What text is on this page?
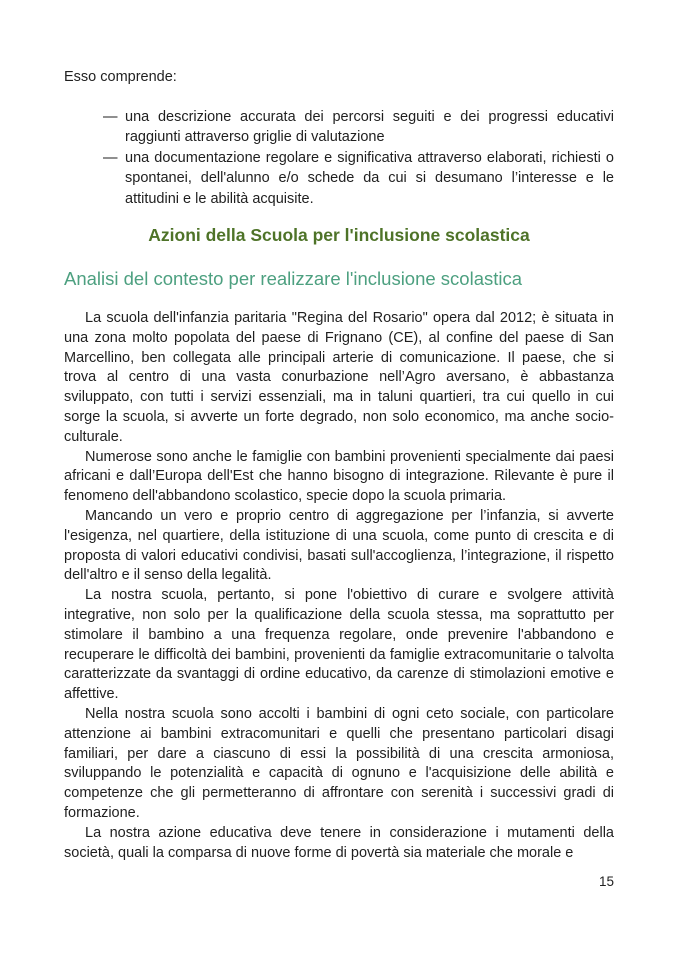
Esso comprende:

— una descrizione accurata dei percorsi seguiti e dei progressi educativi raggiunti attraverso griglie di valutazione
— una documentazione regolare e significativa attraverso elaborati, richiesti o spontanei, dell'alunno e/o schede da cui si desumano l’interesse e le attitudini e le abilità acquisite.
Azioni della Scuola per l'inclusione scolastica
Analisi del contesto per realizzare l'inclusione scolastica

La scuola dell'infanzia paritaria "Regina del Rosario" opera dal 2012; è situata in una zona molto popolata del paese di Frignano (CE), al confine del paese di San Marcellino, ben collegata alle principali arterie di comunicazione. Il paese, che si trova al centro di una vasta conurbazione nell’Agro aversano, è abbastanza sviluppato, con tutti i servizi essenziali, ma in taluni quartieri, tra cui quello in cui sorge la scuola, si avverte un forte degrado, non solo economico, ma anche socio-culturale.

Numerose sono anche le famiglie con bambini provenienti specialmente dai paesi africani e dall’Europa dell'Est che hanno bisogno di integrazione. Rilevante è pure il fenomeno dell'abbandono scolastico, specie dopo la scuola primaria.

Mancando un vero e proprio centro di aggregazione per l’infanzia, si avverte l'esigenza, nel quartiere, della istituzione di una scuola, come punto di crescita e di proposta di valori educativi condivisi, basati sull'accoglienza, l’integrazione, il rispetto dell'altro e il senso della legalità.

La nostra scuola, pertanto, si pone l'obiettivo di curare e svolgere attività integrative, non solo per la qualificazione della scuola stessa, ma soprattutto per stimolare il bambino a una frequenza regolare, onde prevenire l'abbandono e recuperare le difficoltà dei bambini, provenienti da famiglie extracomunitarie o talvolta caratterizzate da svantaggi di ordine educativo, da carenze di stimolazioni emotive e affettive.

Nella nostra scuola sono accolti i bambini di ogni ceto sociale, con particolare attenzione ai bambini extracomunitari e quelli che presentano particolari disagi familiari, per dare a ciascuno di essi la possibilità di una crescita armoniosa, sviluppando le potenzialità e capacità di ognuno e l'acquisizione delle abilità e competenze che gli permetteranno di affrontare con serenità i successivi gradi di formazione.

La nostra azione educativa deve tenere in considerazione i mutamenti della società, quali la comparsa di nuove forme di povertà sia materiale che morale e

15
